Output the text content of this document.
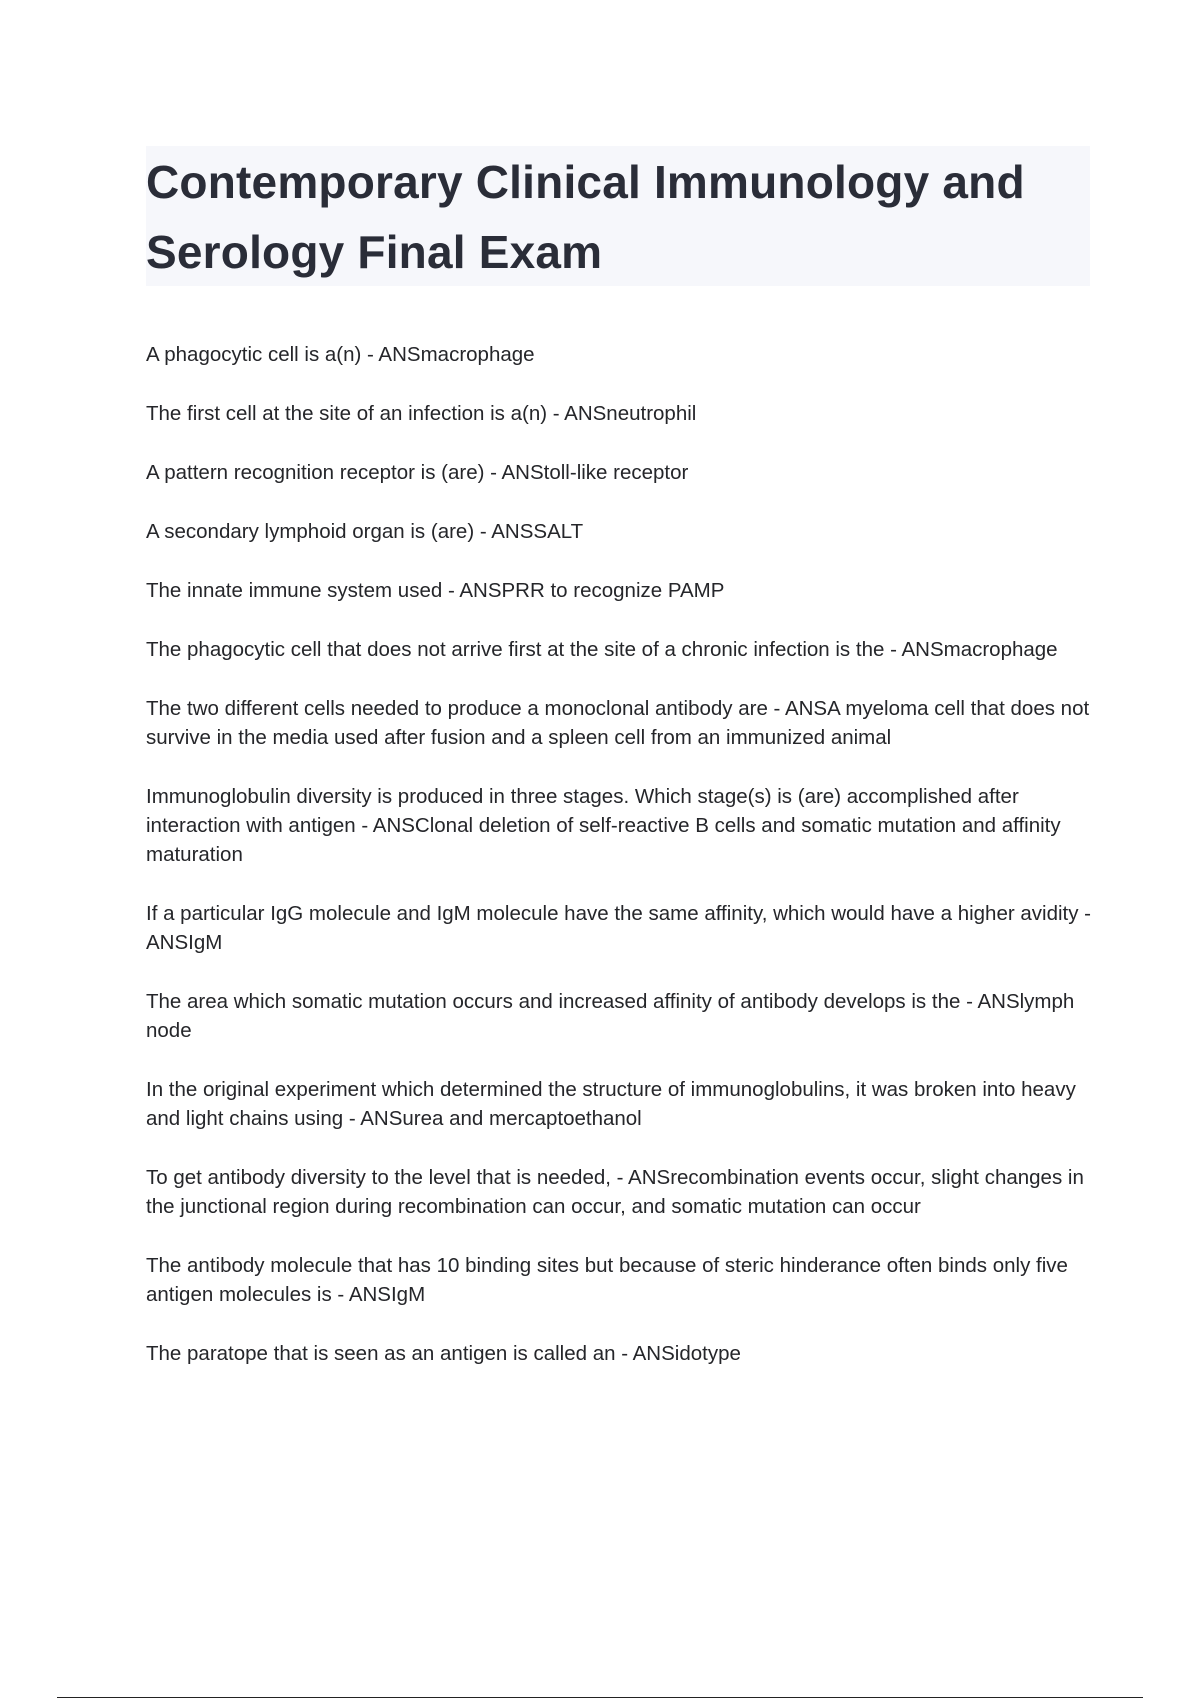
Contemporary Clinical Immunology and Serology Final Exam
A phagocytic cell is a(n) - ANSmacrophage
The first cell at the site of an infection is a(n) - ANSneutrophil
A pattern recognition receptor is (are) - ANStoll-like receptor
A secondary lymphoid organ is (are) - ANSSALT
The innate immune system used - ANSPRR to recognize PAMP
The phagocytic cell that does not arrive first at the site of a chronic infection is the - ANSmacrophage
The two different cells needed to produce a monoclonal antibody are - ANSA myeloma cell that does not survive in the media used after fusion and a spleen cell from an immunized animal
Immunoglobulin diversity is produced in three stages. Which stage(s) is (are) accomplished after interaction with antigen - ANSClonal deletion of self-reactive B cells and somatic mutation and affinity maturation
If a particular IgG molecule and IgM molecule have the same affinity, which would have a higher avidity - ANSIgM
The area which somatic mutation occurs and increased affinity of antibody develops is the - ANSlymph node
In the original experiment which determined the structure of immunoglobulins, it was broken into heavy and light chains using - ANSurea and mercaptoethanol
To get antibody diversity to the level that is needed, - ANSrecombination events occur, slight changes in the junctional region during recombination can occur, and somatic mutation can occur
The antibody molecule that has 10 binding sites but because of steric hinderance often binds only five antigen molecules is - ANSIgM
The paratope that is seen as an antigen is called an - ANSidotype
